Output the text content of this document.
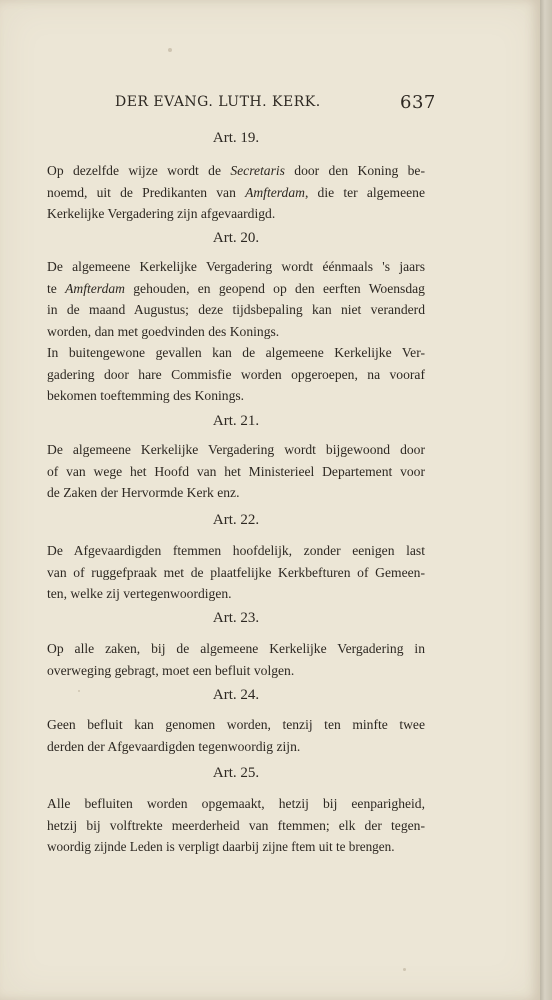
DER EVANG. LUTH. KERK.	637
Art. 19.
Op dezelfde wijze wordt de Secretaris door den Koning be-
noemd, uit de Predikanten van Amfterdam, die ter algemeene
Kerkelijke Vergadering zijn afgevaardigd.
Art. 20.
De algemeene Kerkelijke Vergadering wordt éénmaals 's jaars
te Amfterdam gehouden, en geopend op den eerften Woensdag
in de maand Augustus; deze tijdsbepaling kan niet veranderd
worden, dan met goedvinden des Konings.
In buitengewone gevallen kan de algemeene Kerkelijke Ver-
gadering door hare Commisfie worden opgeroepen, na vooraf
bekomen toeftemming des Konings.
Art. 21.
De algemeene Kerkelijke Vergadering wordt bijgewoond door
of van wege het Hoofd van het Ministerieel Departement voor
de Zaken der Hervormde Kerk enz.
Art. 22.
De Afgevaardigden ftemmen hoofdelijk, zonder eenigen last
van of ruggefpraak met de plaatfelijke Kerkbefturen of Gemeen-
ten, welke zij vertegenwoordigen.
Art. 23.
Op alle zaken, bij de algemeene Kerkelijke Vergadering in
overweging gebragt, moet een befluit volgen.
Art. 24.
Geen befluit kan genomen worden, tenzij ten minfte twee
derden der Afgevaardigden tegenwoordig zijn.
Art. 25.
Alle befluiten worden opgemaakt, hetzij bij eenparigheid,
hetzij bij volftrekte meerderheid van ftemmen; elk der tegen-
woordig zijnde Leden is verpligt daarbij zijne ftem uit te brengen.
